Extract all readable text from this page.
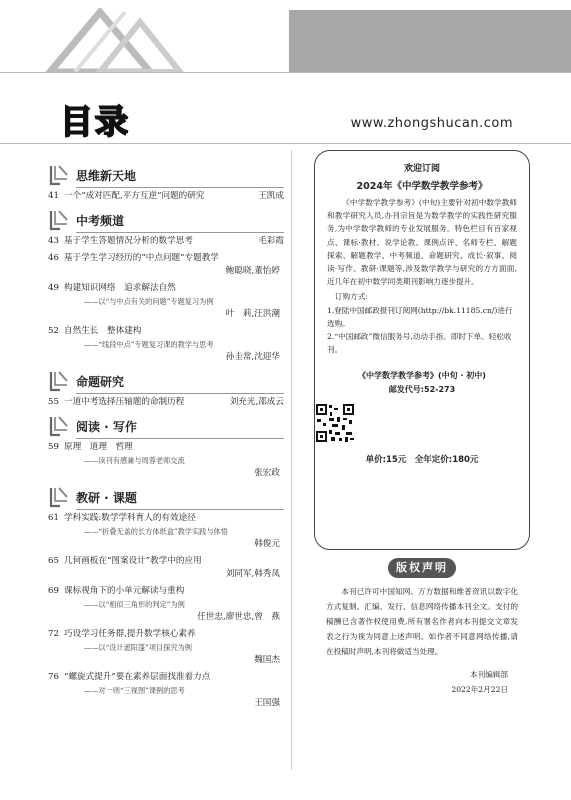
目录	www.zhongshucan.com
思维新天地
41 一个“成对匹配,平方互逆”问题的研究	王凯成
中考频道
43 基于学生答题情况分析的数学思考	毛彩霞
46 基于学生学习经历的“中点问题”专题教学
鲍聪晓,董怡婷
49 构建知识网络　追求解法自然
——以“与中点有关的问题”专题复习为例
叶　莉,汪洪潮
52 自然生长　整体建构
——“线段中点”专题复习课的教学与思考
孙圭常,沈迎华
命题研究
55 一道中考选择压轴题的命制历程	刘充光,邵成云
阅读 · 写作
59 原理　道理　哲理
——读刊有感兼与周蓉老师交流
张宏政
教研 · 课题
61 学科实践:数学学科育人的有效途径
——“折叠无盖的长方体纸盒”教学实践与体悟
韩俊元
65 几何画板在“图案设计”教学中的应用
刘同军,韩秀凤
69 课标视角下的小单元解读与重构
——以“相似三角形的判定”为例
任世忠,廖世忠,曾　燕
72 巧设学习任务群,提升数学核心素养
——以“设计遮阳篷”项目探究为例
魏国杰
76 “螺旋式提升”要在素养层面找准着力点
——对一则“三视图”课例的思考
王国强
欢迎订阅
2024年《中学数学教学参考》
《中学数学教学参考》(中旬)主要针对初中数学教师和教学研究人员,办刊宗旨是为数学教学的实践性研究服务,为中学数学教师的专业发展服务。特色栏目有百家视点、课标·教材、说学论教、课例点评、名师专栏、解题探索、解题教学、中考频道、命题研究、成长·叙事、阅读·写作、教研·课题等,涉及数学教学与研究的方方面面,近几年在初中数学同类期刊影响力逐步提升。
订购方式:
1.登陆中国邮政报刊订阅网(http://bk.11185.cn/)进行选购。
2.“中国邮政”微信服务号,动动手指、即时下单、轻松收刊。
《中学数学教学参考》(中旬 · 初中)
邮发代号:52-273
单价:15元　全年定价:180元
版权声明
本刊已许可中国知网、万方数据和维普资讯以数字化方式复制、汇编、发行、信息网络传播本刊全文。支付的稿酬已含著作权使用费,所有署名作者向本刊提交文章发表之行为视为同意上述声明。如作者不同意网络传播,请在投稿时声明,本刊将做适当处理。
本刊编辑部
2022年2月22日
